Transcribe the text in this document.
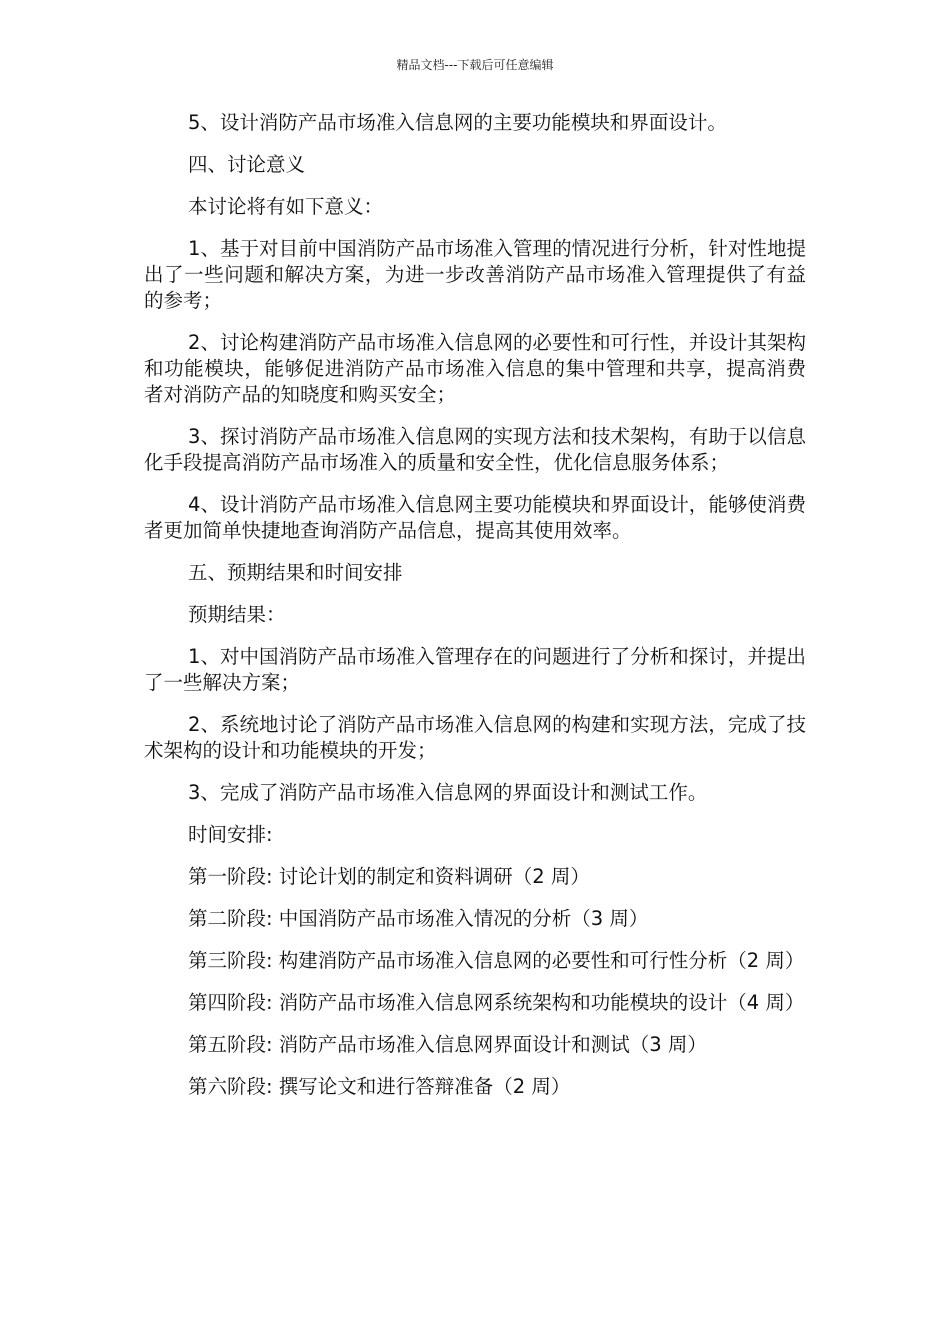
精品文档---下载后可任意编辑

5、设计消防产品市场准入信息网的主要功能模块和界面设计。

四、讨论意义

本讨论将有如下意义：

1、基于对目前中国消防产品市场准入管理的情况进行分析，针对性地提出了一些问题和解决方案，为进一步改善消防产品市场准入管理提供了有益的参考；

2、讨论构建消防产品市场准入信息网的必要性和可行性，并设计其架构和功能模块，能够促进消防产品市场准入信息的集中管理和共享，提高消费者对消防产品的知晓度和购买安全；

3、探讨消防产品市场准入信息网的实现方法和技术架构，有助于以信息化手段提高消防产品市场准入的质量和安全性，优化信息服务体系；

4、设计消防产品市场准入信息网主要功能模块和界面设计，能够使消费者更加简单快捷地查询消防产品信息，提高其使用效率。

五、预期结果和时间安排

预期结果：

1、对中国消防产品市场准入管理存在的问题进行了分析和探讨，并提出了一些解决方案；

2、系统地讨论了消防产品市场准入信息网的构建和实现方法，完成了技术架构的设计和功能模块的开发；

3、完成了消防产品市场准入信息网的界面设计和测试工作。

时间安排:

第一阶段: 讨论计划的制定和资料调研（2 周）

第二阶段: 中国消防产品市场准入情况的分析（3 周）

第三阶段: 构建消防产品市场准入信息网的必要性和可行性分析（2 周）

第四阶段: 消防产品市场准入信息网系统架构和功能模块的设计（4 周）

第五阶段: 消防产品市场准入信息网界面设计和测试（3 周）

第六阶段: 撰写论文和进行答辩准备（2 周）
